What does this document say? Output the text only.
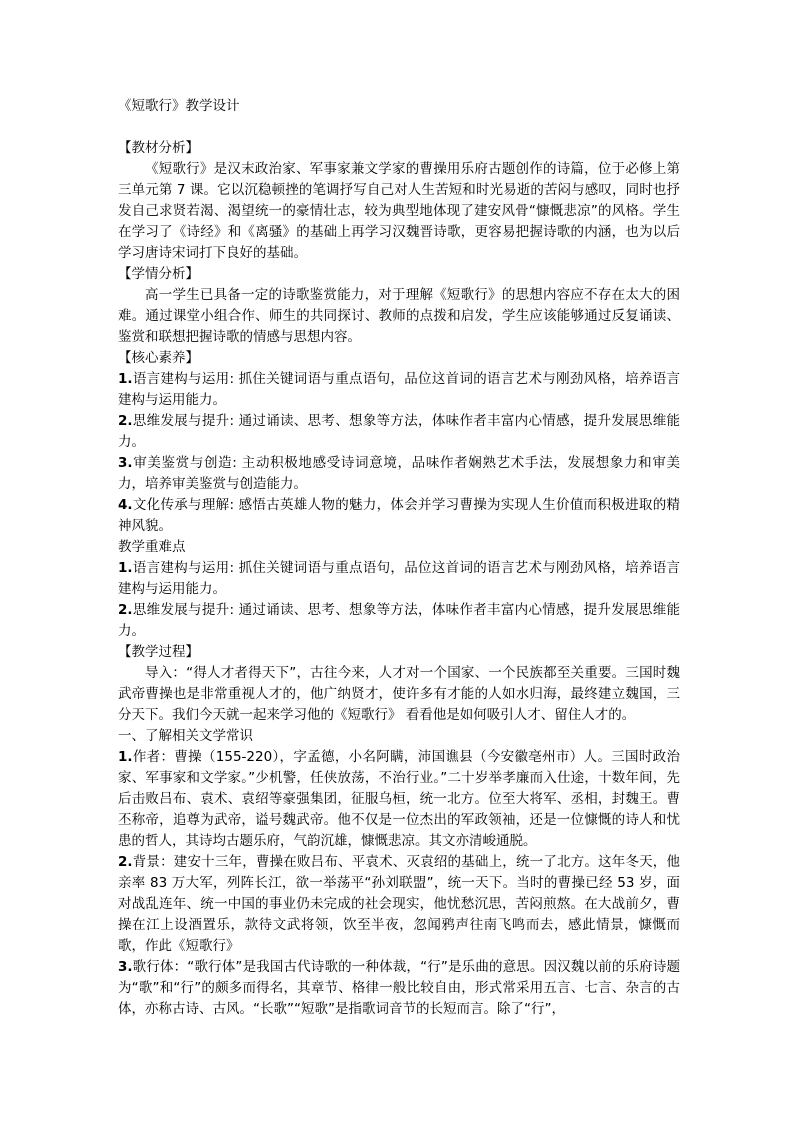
《短歌行》教学设计
【教材分析】

《短歌行》是汉末政治家、军事家兼文学家的曹操用乐府古题创作的诗篇，位于必修上第三单元第 7 课。它以沉稳顿挫的笔调抒写自己对人生苦短和时光易逝的苦闷与感叹，同时也抒发自己求贤若渴、渴望统一的豪情壮志，较为典型地体现了建安风骨“慷慨悲凉”的风格。学生在学习了《诗经》和《离骚》的基础上再学习汉魏晋诗歌，更容易把握诗歌的内涵，也为以后学习唐诗宋词打下良好的基础。

【学情分析】

高一学生已具备一定的诗歌鉴赏能力，对于理解《短歌行》的思想内容应不存在太大的困难。通过课堂小组合作、师生的共同探讨、教师的点拨和启发，学生应该能够通过反复诵读、鉴赏和联想把握诗歌的情感与思想内容。

【核心素养】

1.语言建构与运用: 抓住关键词语与重点语句，品位这首词的语言艺术与刚劲风格，培养语言建构与运用能力。

2.思维发展与提升: 通过诵读、思考、想象等方法，体味作者丰富内心情感，提升发展思维能力。

3.审美鉴赏与创造: 主动积极地感受诗词意境，品味作者娴熟艺术手法，发展想象力和审美力，培养审美鉴赏与创造能力。

4.文化传承与理解: 感悟古英雄人物的魅力，体会并学习曹操为实现人生价值而积极进取的精神风貌。

教学重难点

1.语言建构与运用: 抓住关键词语与重点语句，品位这首词的语言艺术与刚劲风格，培养语言建构与运用能力。

2.思维发展与提升: 通过诵读、思考、想象等方法，体味作者丰富内心情感，提升发展思维能力。

【教学过程】

导入：“得人才者得天下”，古往今来，人才对一个国家、一个民族都至关重要。三国时魏武帝曹操也是非常重视人才的，他广纳贤才，使许多有才能的人如水归海，最终建立魏国，三分天下。我们今天就一起来学习他的《短歌行》 看看他是如何吸引人才、留住人才的。

一、了解相关文学常识

1.作者：曹操（155-220），字孟德，小名阿瞒，沛国谯县（今安徽亳州市）人。三国时政治家、军事家和文学家。”少机警，任侠放荡，不治行业。”二十岁举孝廉而入仕途，十数年间，先后击败吕布、袁术、袁绍等豪强集团，征服乌桓，统一北方。位至大将军、丞相，封魏王。曹丕称帝，追尊为武帝，谥号魏武帝。他不仅是一位杰出的军政领袖，还是一位慷慨的诗人和忧患的哲人，其诗均古题乐府，气韵沉雄，慷慨悲凉。其文亦清峻通脱。

2.背景：建安十三年，曹操在败吕布、平袁术、灭袁绍的基础上，统一了北方。这年冬天，他亲率 83 万大军，列阵长江，欲一举荡平“孙刘联盟”，统一天下。当时的曹操已经 53 岁，面对战乱连年、统一中国的事业仍未完成的社会现实，他忧愁沉思，苦闷煎熬。在大战前夕，曹操在江上设酒置乐，款待文武将领，饮至半夜，忽闻鸦声往南飞鸣而去，感此情景，慷慨而歌，作此《短歌行》

3.歌行体：“歌行体”是我国古代诗歌的一种体裁，“行”是乐曲的意思。因汉魏以前的乐府诗题为“歌”和“行”的颇多而得名，其章节、格律一般比较自由，形式常采用五言、七言、杂言的古体，亦称古诗、古风。“长歌”“短歌”是指歌词音节的长短而言。除了“行”，
